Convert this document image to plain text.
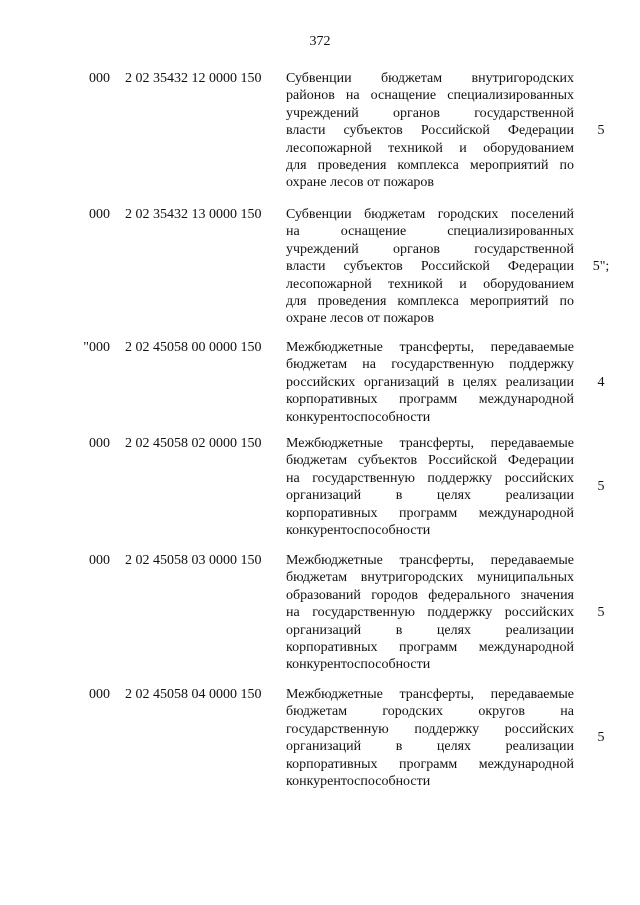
372
000 2 02 35432 12 0000 150 Субвенции бюджетам внутригородских
районов на оснащение специализированных
учреждений органов государственной
власти субъектов Российской Федерации
лесопожарной техникой и оборудованием
для проведения комплекса мероприятий по
охране лесов от пожаров
5
000 2 02 35432 13 0000 150 Субвенции бюджетам городских поселений
на оснащение специализированных
учреждений органов государственной
власти субъектов Российской Федерации
лесопожарной техникой и оборудованием
для проведения комплекса мероприятий по
охране лесов от пожаров
5";
"000 2 02 45058 00 0000 150 Межбюджетные трансферты, передаваемые
бюджетам на государственную поддержку
российских организаций в целях реализации
корпоративных программ международной
конкурентоспособности
4
000 2 02 45058 02 0000 150 Межбюджетные трансферты, передаваемые
бюджетам субъектов Российской Федерации
на государственную поддержку российских
организаций в целях реализации
корпоративных программ международной
конкурентоспособности
5
000 2 02 45058 03 0000 150 Межбюджетные трансферты, передаваемые
бюджетам внутригородских муниципальных
образований городов федерального значения
на государственную поддержку российских
организаций в целях реализации
корпоративных программ международной
конкурентоспособности
5
000 2 02 45058 04 0000 150 Межбюджетные трансферты, передаваемые
бюджетам городских округов на
государственную поддержку российских
организаций в целях реализации
корпоративных программ международной
конкурентоспособности
5
